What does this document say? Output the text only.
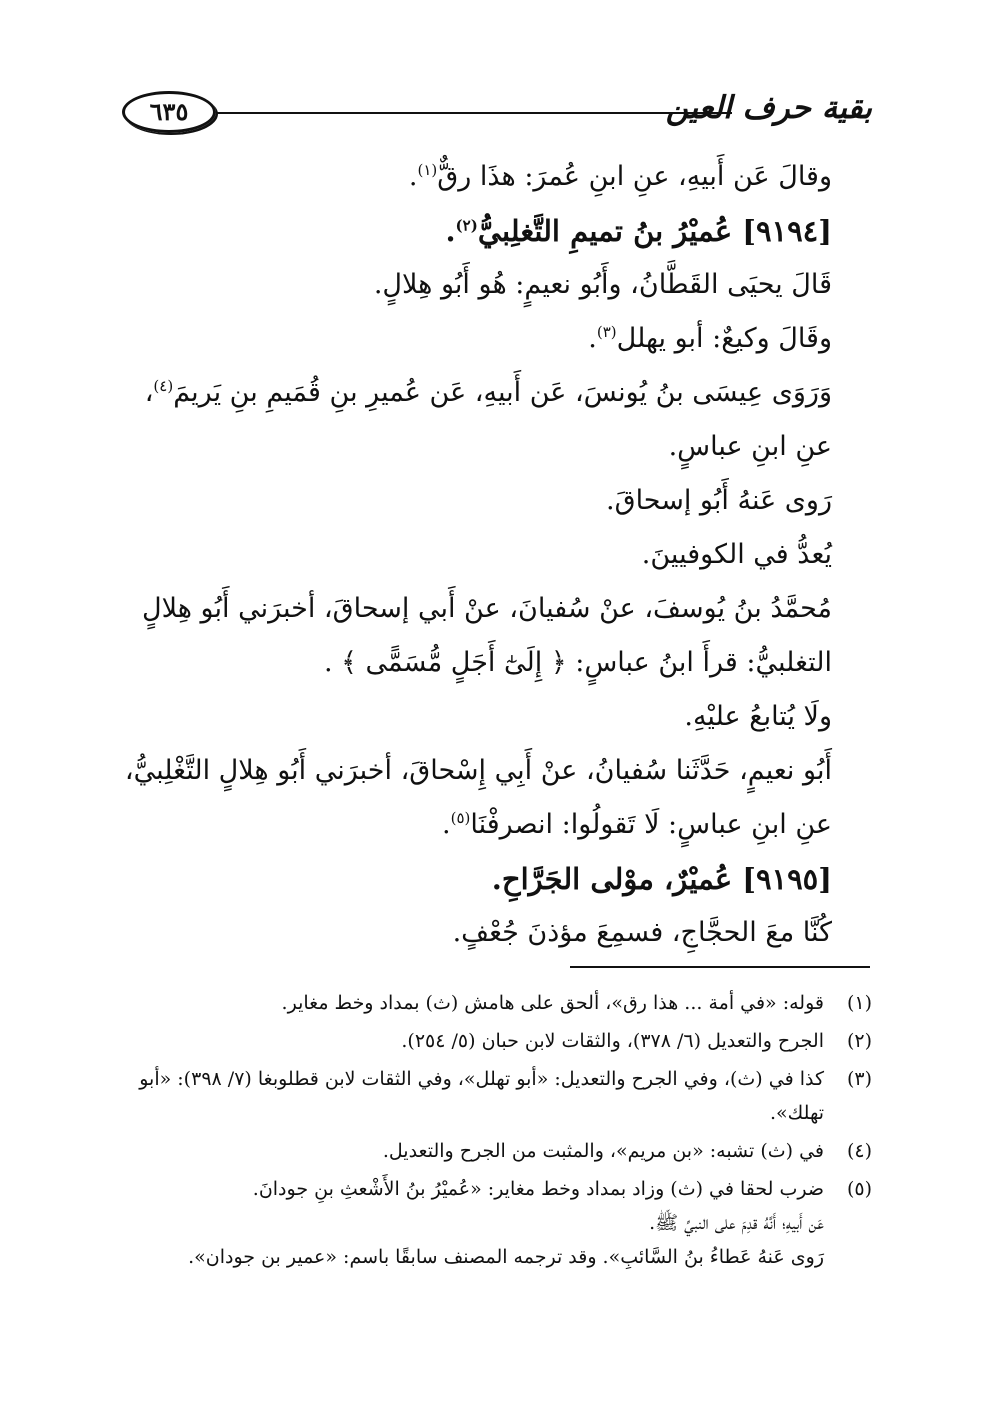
بقية حرف العين
٦٣٥
وقالَ عَن أَبيهِ، عنِ ابنِ عُمرَ: هذَا رقٌّ$^{(١)}$.
[٩١٩٤] عُميْرُ بنُ تميمِ التَّغلِبيُّ$^{(٢)}$.
قَالَ يحيَى القَطَّانُ، وأَبُو نعيمٍ: هُو أَبُو هِلالٍ.
وقَالَ وكيعٌ: أبو يهلل$^{(٣)}$.
وَرَوَى عِيسَى بنُ يُونسَ، عَن أَبيهِ، عَن عُميرِ بنِ قُمَيمِ بنِ يَريمَ$^{(٤)}$، عنِ ابنِ عباسٍ.
رَوى عَنهُ أَبُو إسحاقَ.
يُعدُّ في الكوفيينَ.
مُحمَّدُ بنُ يُوسفَ، عنْ سُفيانَ، عنْ أَبي إسحاقَ، أخبرَني أَبُو هِلالٍ التغلبيُّ: قرأَ ابنُ عباسٍ: ﴿ إِلَىٰٓ أَجَلٍ مُّسَمًّى ﴾ .
ولَا يُتابعُ عليْهِ.
أَبُو نعيمٍ، حَدَّثَنا سُفيانُ، عنْ أَبِي إِسْحاقَ، أخبرَني أَبُو هِلالٍ التَّغْلِبيُّ، عنِ ابنِ عباسٍ: لَا تَقولُوا: انصرفْنَا$^{(٥)}$.
[٩١٩٥] عُميْرٌ، موْلى الجَرَّاحِ.
كُنَّا معَ الحجَّاجِ، فسمِعَ مؤذنَ جُعْفٍ.
(١)
قوله: «في أمة ... هذا رق»، ألحق على هامش (ث) بمداد وخط مغاير.
(٢)
الجرح والتعديل (٦/ ٣٧٨)، والثقات لابن حبان (٥/ ٢٥٤).
(٣)
كذا في (ث)، وفي الجرح والتعديل: «أبو تهلل»، وفي الثقات لابن قطلوبغا (٧/ ٣٩٨): «أبو تهلك».
(٤)
في (ث) تشبه: «بن مريم»، والمثبت من الجرح والتعديل.
(٥)
ضرب لحقا في (ث) وزاد بمداد وخط مغاير: «عُميْرُ بنُ الأَشْعثِ بنِ جودانَ.
عَن أَبيهِ؛ أَنَّهُ قدِمَ على النبيِّ ﷺ.
رَوى عَنهُ عَطاءُ بنُ السَّائبِ». وقد ترجمه المصنف سابقًا باسم: «عمير بن جودان».
